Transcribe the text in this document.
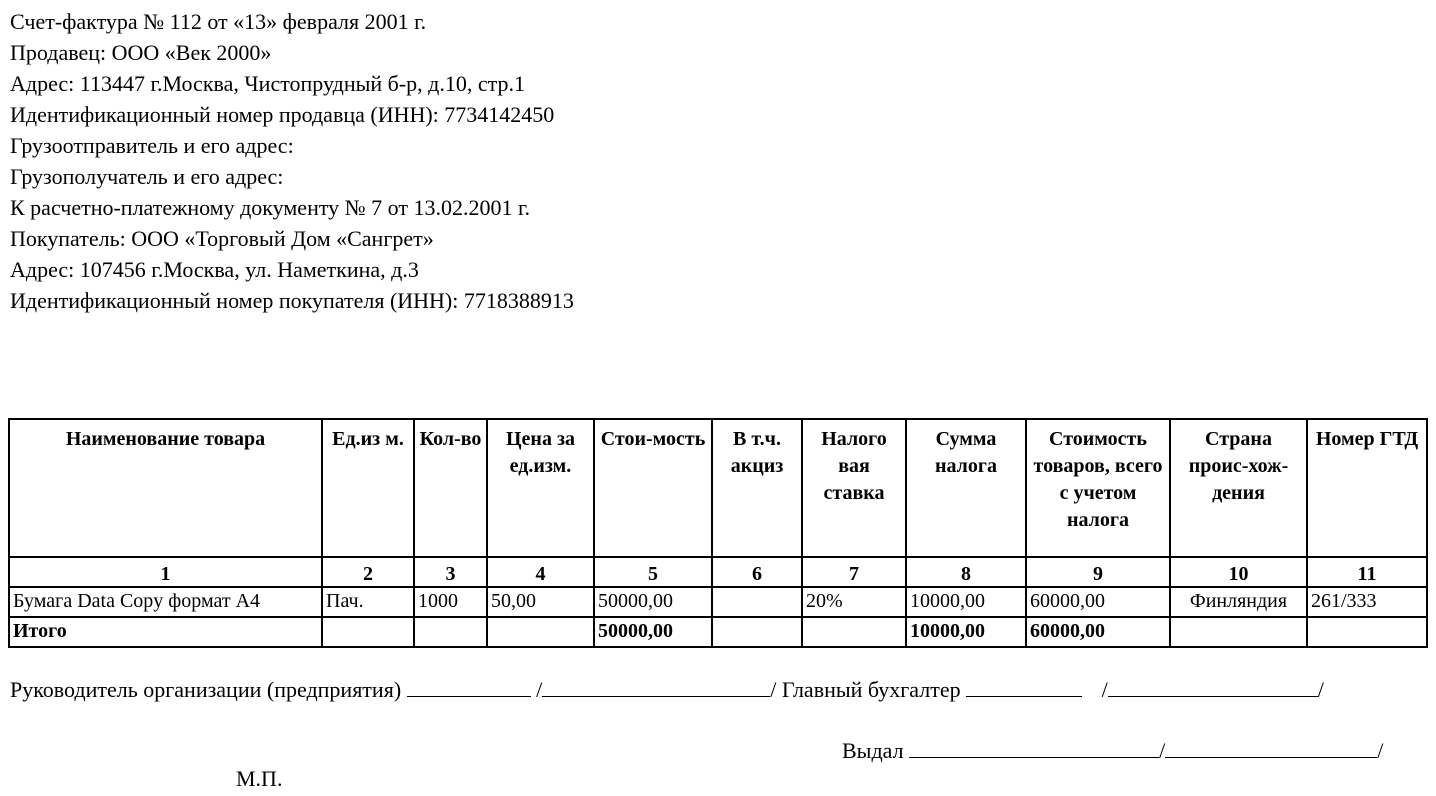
Счет-фактура № 112 от «13» февраля 2001 г.
Продавец: ООО «Век 2000»
Адрес: 113447 г.Москва, Чистопрудный б-р, д.10, стр.1
Идентификационный номер продавца (ИНН): 7734142450
Грузоотправитель и его адрес:
Грузополучатель и его адрес:
К расчетно-платежному документу № 7 от 13.02.2001 г.
Покупатель: ООО «Торговый Дом «Сангрет»
Адрес: 107456 г.Москва, ул. Наметкина, д.3
Идентификационный номер покупателя (ИНН): 7718388913
Наименование товара	Ед.из м.	Кол-во	Цена за ед.изм.	Стои-мость	В т.ч. акциз	Налого вая ставка	Сумма налога	Стоимость товаров, всего с учетом налога	Страна проис-хож-дения	Номер ГТД
1	2	3	4	5	6	7	8	9	10	11
Бумага Data Copy формат А4	Пач.	1000	50,00	50000,00		20%	10000,00	60000,00	Финляндия	261/333
Итого				50000,00			10000,00	60000,00		
Руководитель организации (предприятия)	/	/ Главный бухгалтер	/	/
Выдал	/	/
М.П.
